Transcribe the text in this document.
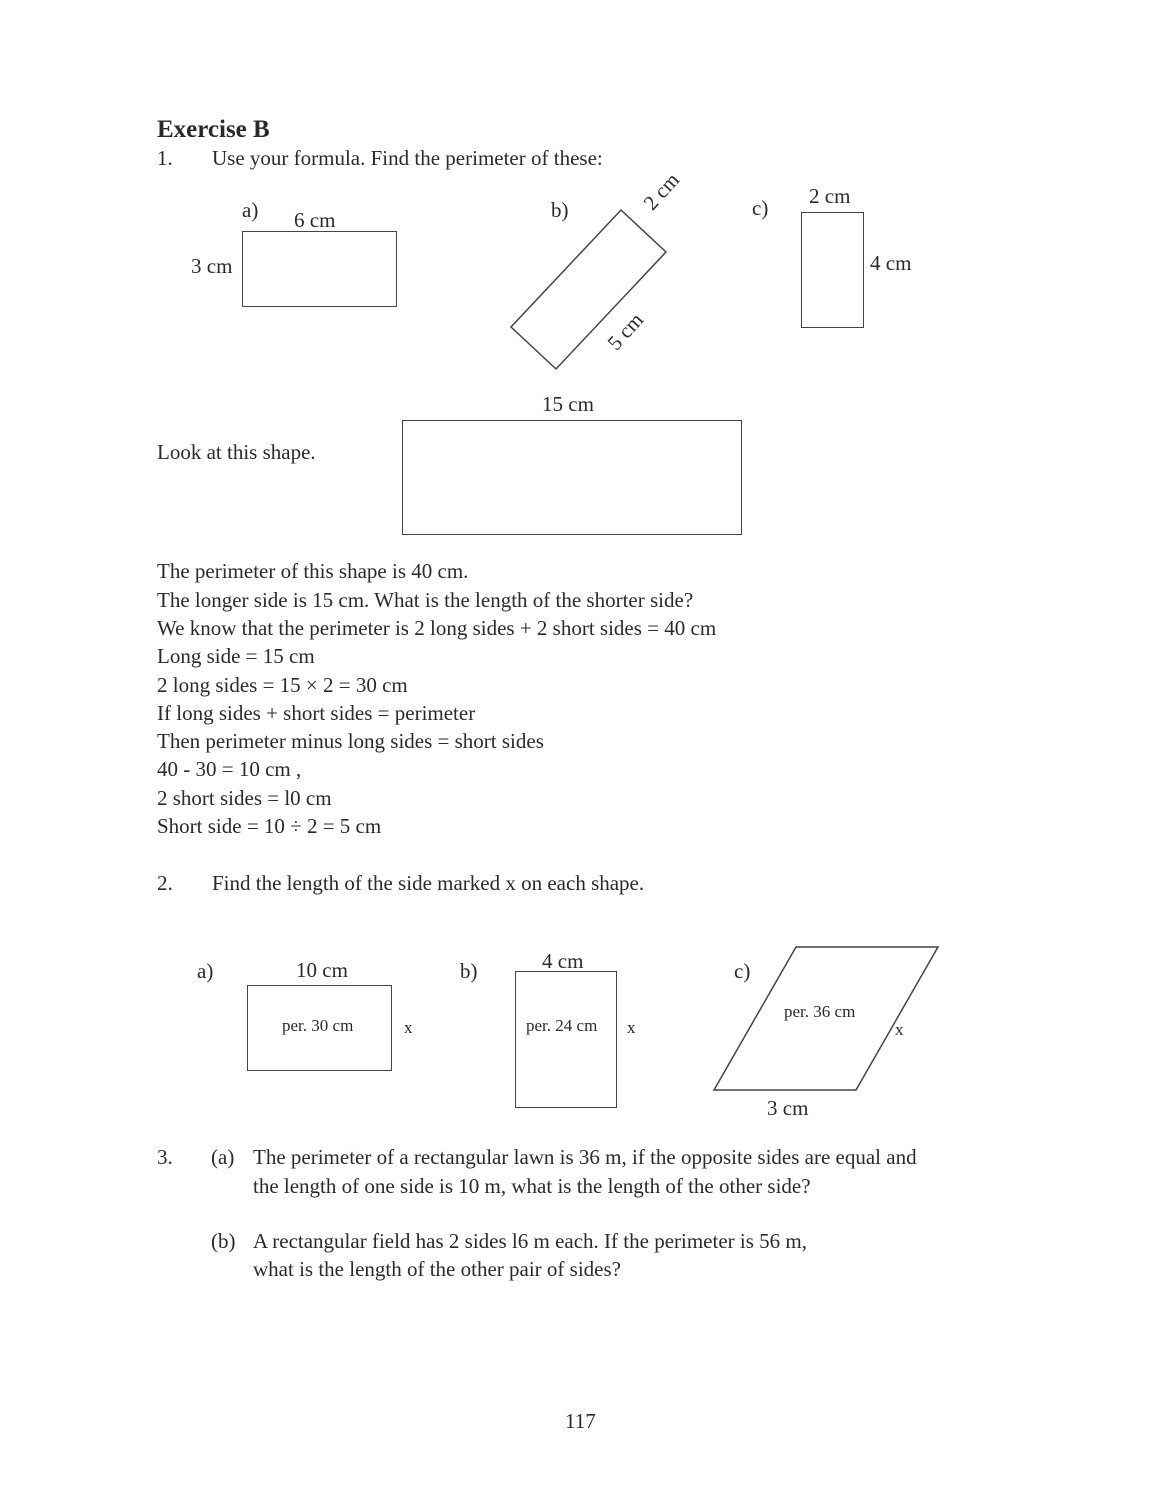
Exercise B
1. Use your formula. Find the perimeter of these:
a) 6 cm
3 cm
b)	2 cm
5 cm
c) 2 cm
4 cm
15 cm
Look at this shape.
The perimeter of this shape is 40 cm.
The longer side is 15 cm. What is the length of the shorter side?
We know that the perimeter is 2 long sides + 2 short sides = 40 cm
Long side = 15 cm
2 long sides = 15 × 2 = 30 cm
If long sides + short sides = perimeter
Then perimeter minus long sides = short sides
40 - 30 = 10 cm ,
2 short sides = l0 cm
Short side = 10 ÷ 2 = 5 cm
2. Find the length of the side marked x on each shape.
a)	10 cm
per. 30 cm	x
b)	4 cm
per. 24 cm x
c)
per. 36 cm
x
3 cm
3. (a) The perimeter of a rectangular lawn is 36 m, if the opposite sides are equal and
the length of one side is 10 m, what is the length of the other side?
(b) A rectangular field has 2 sides l6 m each. If the perimeter is 56 m,
what is the length of the other pair of sides?
117
